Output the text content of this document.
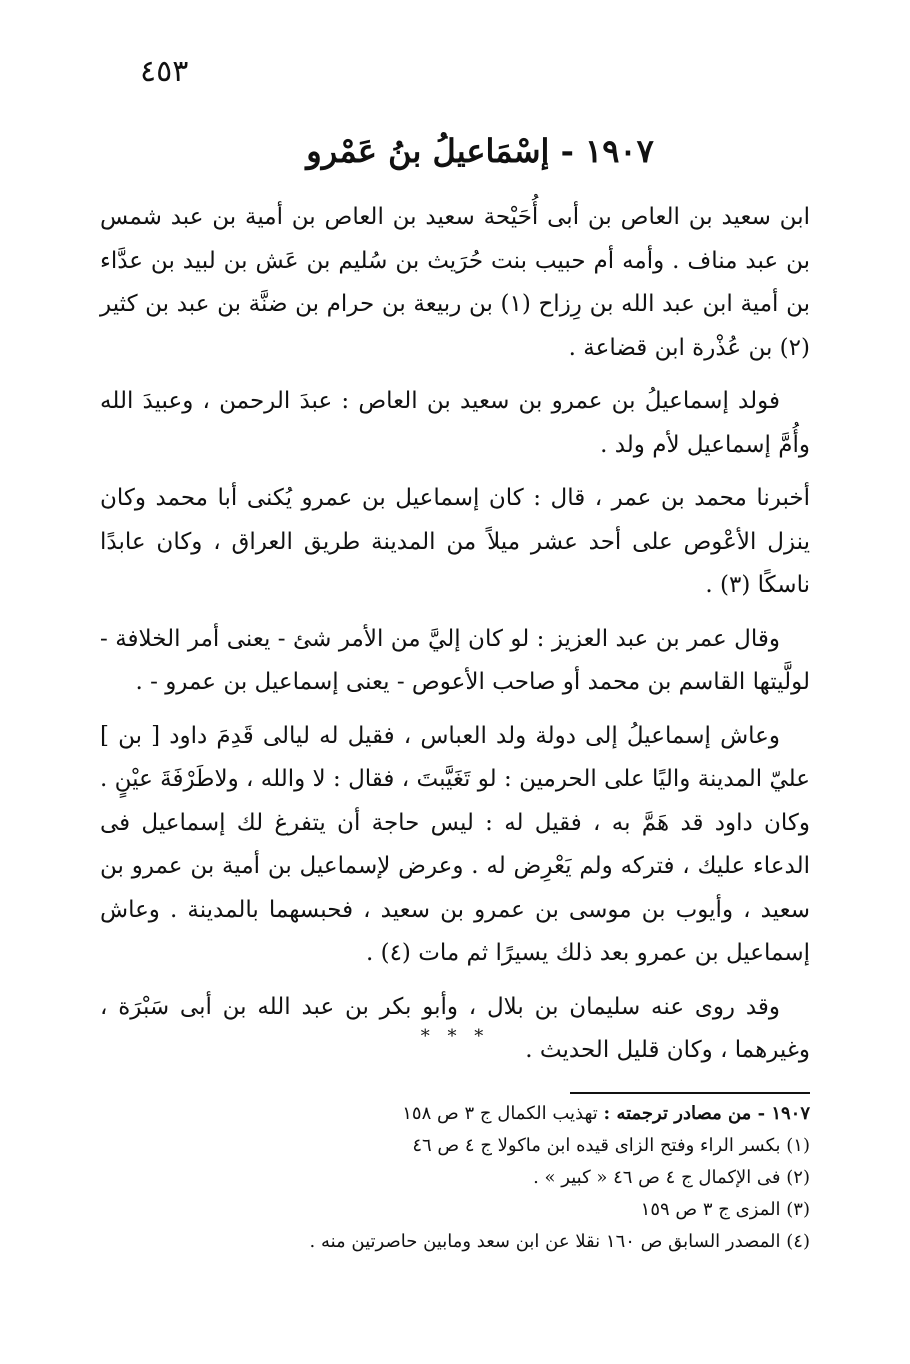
٤٥٣
١٩٠٧ - إسْمَاعيلُ بنُ عَمْرو

ابن سعيد بن العاص بن أبى أُحَيْحة سعيد بن العاص بن أمية بن عبد شمس بن عبد مناف . وأمه أم حبيب بنت حُرَيث بن سُليم بن عَش بن لبيد بن عدَّاء بن أمية ابن عبد الله بن رِزاح (١) بن ربيعة بن حرام بن ضنَّة بن عبد بن كثير (٢) بن عُذْرة ابن قضاعة .

فولد إسماعيلُ بن عمرو بن سعيد بن العاص : عبدَ الرحمن ، وعبيدَ الله وأُمَّ إسماعيل لأم ولد .

أخبرنا محمد بن عمر ، قال : كان إسماعيل بن عمرو يُكنى أبا محمد وكان ينزل الأعْوص على أحد عشر ميلاً من المدينة طريق العراق ، وكان عابدًا ناسكًا (٣) .

وقال عمر بن عبد العزيز : لو كان إليَّ من الأمر شئ - يعنى أمر الخلافة - لولَّيتها القاسم بن محمد أو صاحب الأعوص - يعنى إسماعيل بن عمرو - .

وعاش إسماعيلُ إلى دولة ولد العباس ، فقيل له ليالى قَدِمَ داود [ بن ] عليّ المدينة واليًا على الحرمين : لو تَغَيَّبتَ ، فقال : لا والله ، ولاطَرْفَةَ عيْنٍ . وكان داود قد هَمَّ به ، فقيل له : ليس حاجة أن يتفرغ لك إسماعيل فى الدعاء عليك ، فتركه ولم يَعْرِض له . وعرض لإسماعيل بن أمية بن عمرو بن سعيد ، وأيوب بن موسى بن عمرو بن سعيد ، فحبسهما بالمدينة . وعاش إسماعيل بن عمرو بعد ذلك يسيرًا ثم مات (٤) .

وقد روى عنه سليمان بن بلال ، وأبو بكر بن عبد الله بن أبى سَبْرَة ، وغيرهما ، وكان قليل الحديث .

* * *
١٩٠٧ - من مصادر ترجمته : تهذيب الكمال ج ٣ ص ١٥٨
(١) بكسر الراء وفتح الزاى قيده ابن ماكولا ج ٤ ص ٤٦
(٢) فى الإكمال ج ٤ ص ٤٦ « كبير » .
(٣) المزى ج ٣ ص ١٥٩
(٤) المصدر السابق ص ١٦٠ نقلا عن ابن سعد ومابين حاصرتين منه .
